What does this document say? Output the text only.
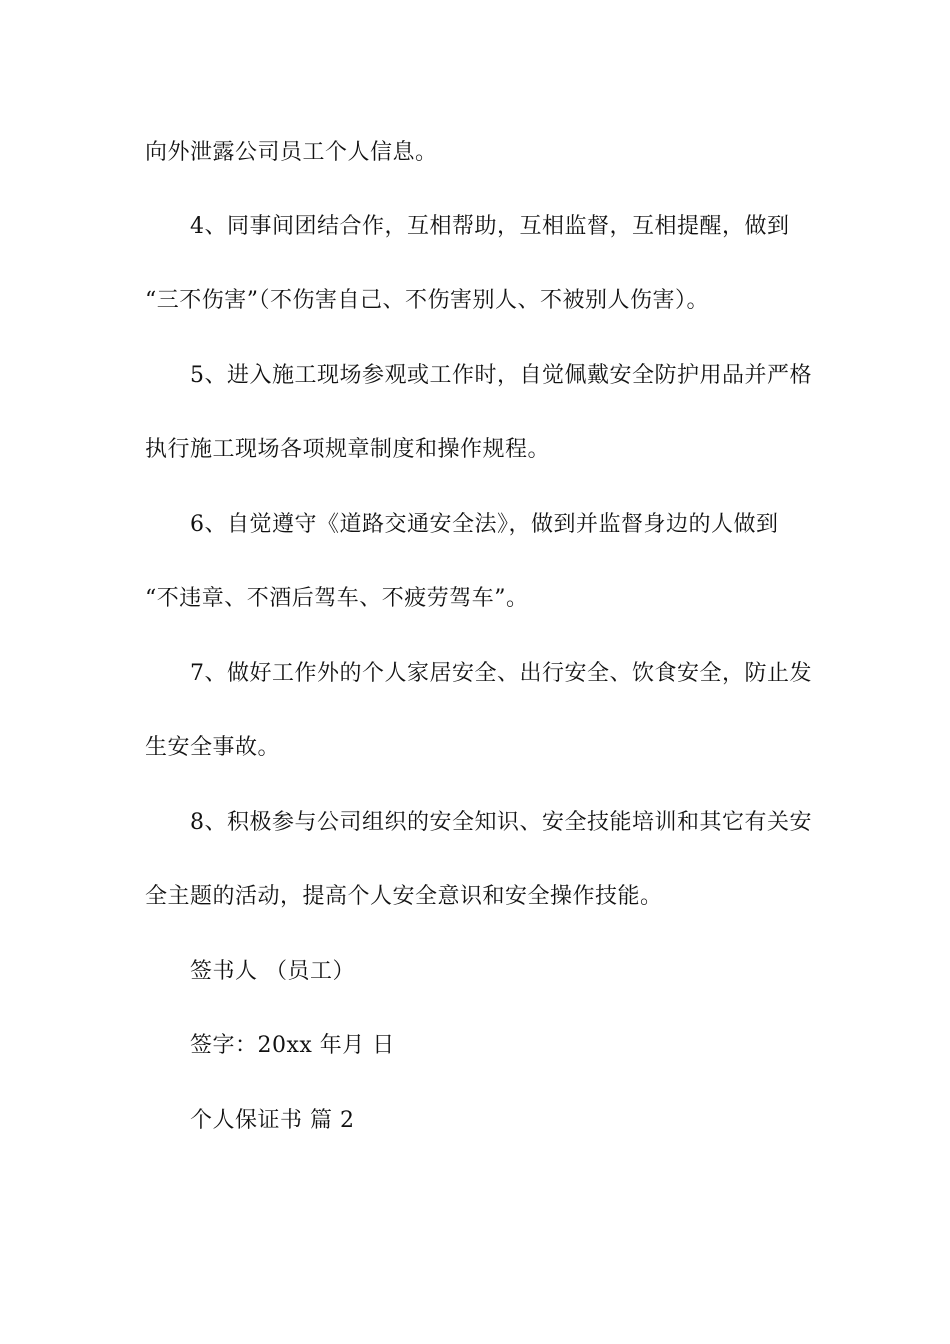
向外泄露公司员工个人信息。
4、同事间团结合作，互相帮助，互相监督，互相提醒，做到
“三不伤害”（不伤害自己、不伤害别人、不被别人伤害）。
5、进入施工现场参观或工作时，自觉佩戴安全防护用品并严格
执行施工现场各项规章制度和操作规程。
6、自觉遵守《道路交通安全法》，做到并监督身边的人做到
“不违章、不酒后驾车、不疲劳驾车”。
7、做好工作外的个人家居安全、出行安全、饮食安全，防止发
生安全事故。
8、积极参与公司组织的安全知识、安全技能培训和其它有关安
全主题的活动，提高个人安全意识和安全操作技能。
签书人 （员工）
签字：20xx 年月 日
个人保证书 篇 2
